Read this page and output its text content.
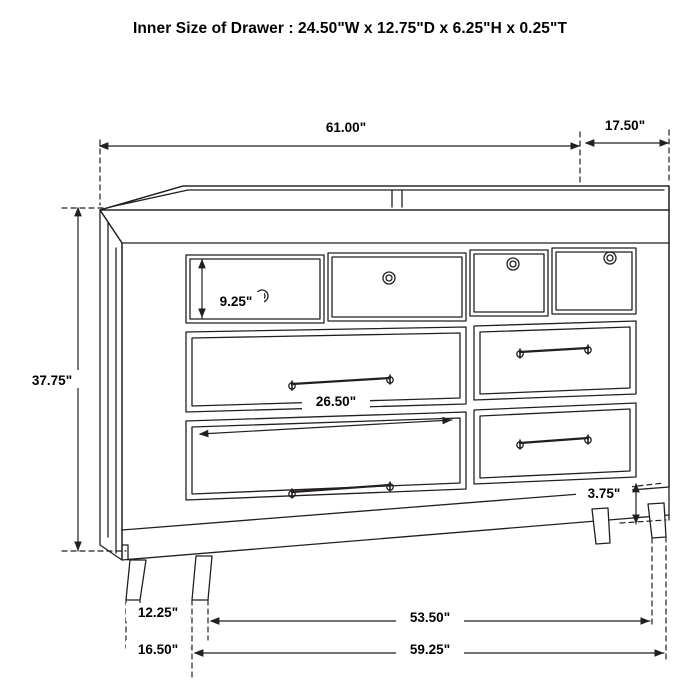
Inner Size of Drawer : 24.50"W x 12.75"D x 6.25"H x 0.25"T
61.00"	17.50"
37.75"
9.25"
26.50"
3.75"
12.25"
16.50"
53.50"
59.25"
